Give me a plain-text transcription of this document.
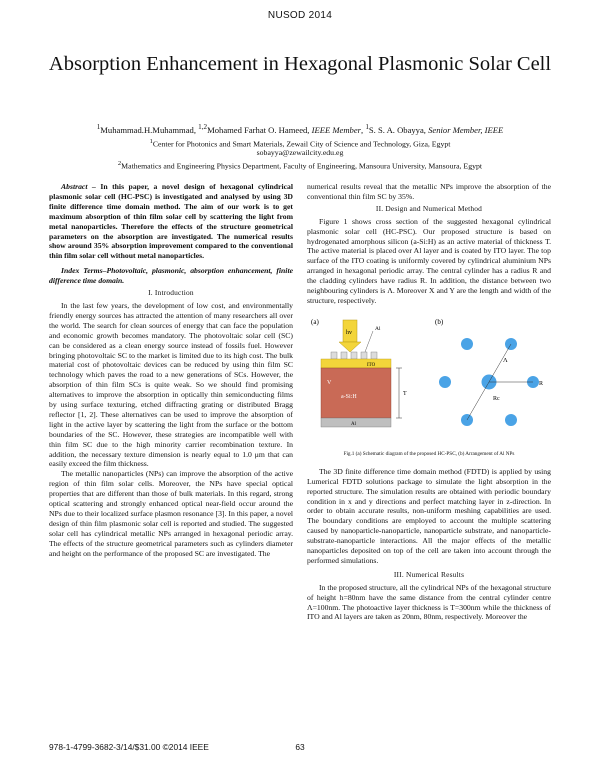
NUSOD 2014
Absorption Enhancement in Hexagonal Plasmonic Solar Cell
$^1$Muhammad.H.Muhammad, $^{1,2}$Mohamed Farhat O. Hameed, IEEE Member, $^1$S. S. A. Obayya, Senior Member, IEEE
$^1$Center for Photonics and Smart Materials, Zewail City of Science and Technology, Giza, Egypt
sobayya@zewailcity.edu.eg
$^2$Mathematics and Engineering Physics Department, Faculty of Engineering, Mansoura University, Mansoura, Egypt

Abstract – In this paper, a novel design of hexagonal cylindrical plasmonic solar cell (HC-PSC) is investigated and analysed by using 3D finite difference time domain method. The aim of our work is to get maximum absorption of thin film solar cell by scattering the light from metal nanoparticles. Therefore the effects of the structure geometrical parameters on the absorption are investigated. The numerical results show around 35% absorption improvement compared to the conventional thin film solar cell without metal nanoparticles.

Index Terms–Photovoltaic, plasmonic, absorption enhancement, finite difference time domain.

I. Introduction

In the last few years, the development of low cost, and environmentally friendly energy sources has attracted the attention of many researchers all over the world. The search for clean sources of energy that can face the population and economic growth becomes mandatory. The photovoltaic solar cell (SC) can be considered as a clean energy source instead of fossils fuel. However bringing photovoltaic SC to the market is limited due to its high cost. The bulk material cost of photovoltaic devices can be reduced by using thin film SC technology which paves the road to a new generations of SCs. However, the absorption of thin film SCs is quite weak. So we should find promising alternatives to improve the absorption in optically thin semiconducting films by using surface texturing, etched diffracting grating or distributed Bragg reflector [1, 2]. These alternatives can be used to improve the absorption of light in the active layer by scattering the light from the surface or the bottom boundaries of the SC. However, these strategies are incompatible well with thin film SC due to the high minority carrier recombination texture. In addition, the necessary texture dimension is nearly equal to 1.0 μm that can easily exceed the film thickness.

The metallic nanoparticles (NPs) can improve the absorption of the active region of thin film solar cells. Moreover, the NPs have special optical properties that are different than those of bulk materials. In this regard, strong optical scattering and strongly enhanced optical near-field occur around the NPs due to their localized surface plasmon resonance [3]. In this paper, a novel design of thin film plasmonic solar cell is reported and studied. The suggested solar cell has cylindrical metallic NPs arranged in hexagonal periodic array. The effects of the structure geometrical parameters such as cylinders diameter and height on the performance of the proposed SC are investigated. The

numerical results reveal that the metallic NPs improve the absorption of the conventional thin film SC by 35%.

II. Design and Numerical Method

Figure 1 shows cross section of the suggested hexagonal cylindrical plasmonic solar cell (HC-PSC). Our proposed structure is based on hydrogenated amorphous silicon (a-Si:H) as an active material of thickness T. The active material is placed over Al layer and is coated by ITO layer. The top surface of the ITO coating is uniformly covered by cylindrical aluminium NPs arranged in hexagonal periodic array. The central cylinder has a radius R and the cladding cylinders have radius R. In addition, the distance between two neighbouring cylinders is Λ. Moreover X and Y are the length and width of the structure, respectively.

(a)	(b)
hv
Al
ITO
V
a-Si:H
Al
T
Λ
R
Rc
Fig.1 (a) Schematic diagram of the proposed HC-PSC, (b) Arrangement of Al NPs

The 3D finite difference time domain method (FDTD) is applied by using Lumerical FDTD solutions package to simulate the light absorption in the reported structure. The simulation results are obtained with periodic boundary condition in x and y directions and perfect matching layer in z-direction. In order to obtain accurate results, non-uniform meshing capabilities are used. The boundary conditions are employed to account the multiple scattering caused by nanoparticle-nanoparticle, nanoparticle substrate, and nanoparticle-substrate-nanoparticle interactions. All the major effects of the metallic nanoparticles deposited on top of the cell are taken into account through the performed simulations.

III. Numerical Results

In the proposed structure, all the cylindrical NPs of the hexagonal structure of height h=80nm have the same distance from the central cylinder centre Λ=100nm. The photoactive layer thickness is T=300nm while the thickness of ITO and Al layers are taken as 20nm, 80nm, respectively. Moreover the

978-1-4799-3682-3/14/$31.00 ©2014 IEEE	63
